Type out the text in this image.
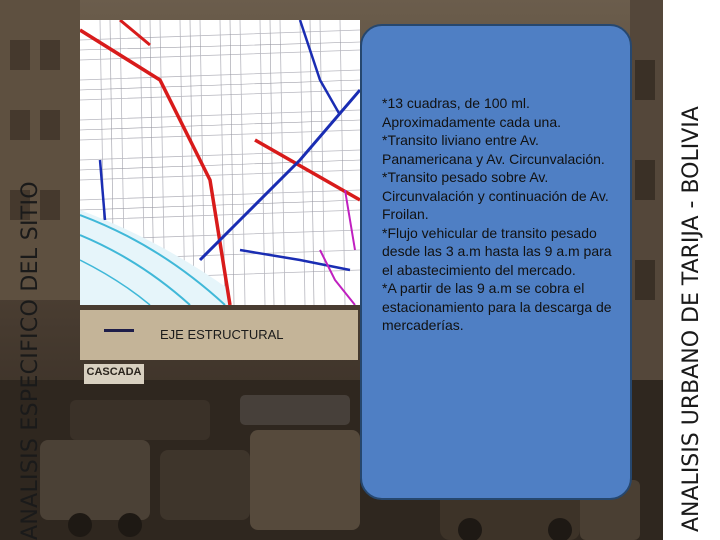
CASCADA
ANALISIS ESPECIFICO DEL SITIO	ANALISIS URBANO DE TARIJA - BOLIVIA
EJE ESTRUCTURAL

*13 cuadras, de 100 ml. Aproximadamente cada una.

*Transito liviano entre Av. Panamericana y Av. Circunvalación.

*Transito pesado sobre Av. Circunvalación y continuación de Av. Froilan.

*Flujo vehicular de transito pesado desde las 3 a.m hasta las 9 a.m para el abastecimiento del mercado.

*A partir de las 9 a.m se cobra el estacionamiento para la descarga de mercaderías.
